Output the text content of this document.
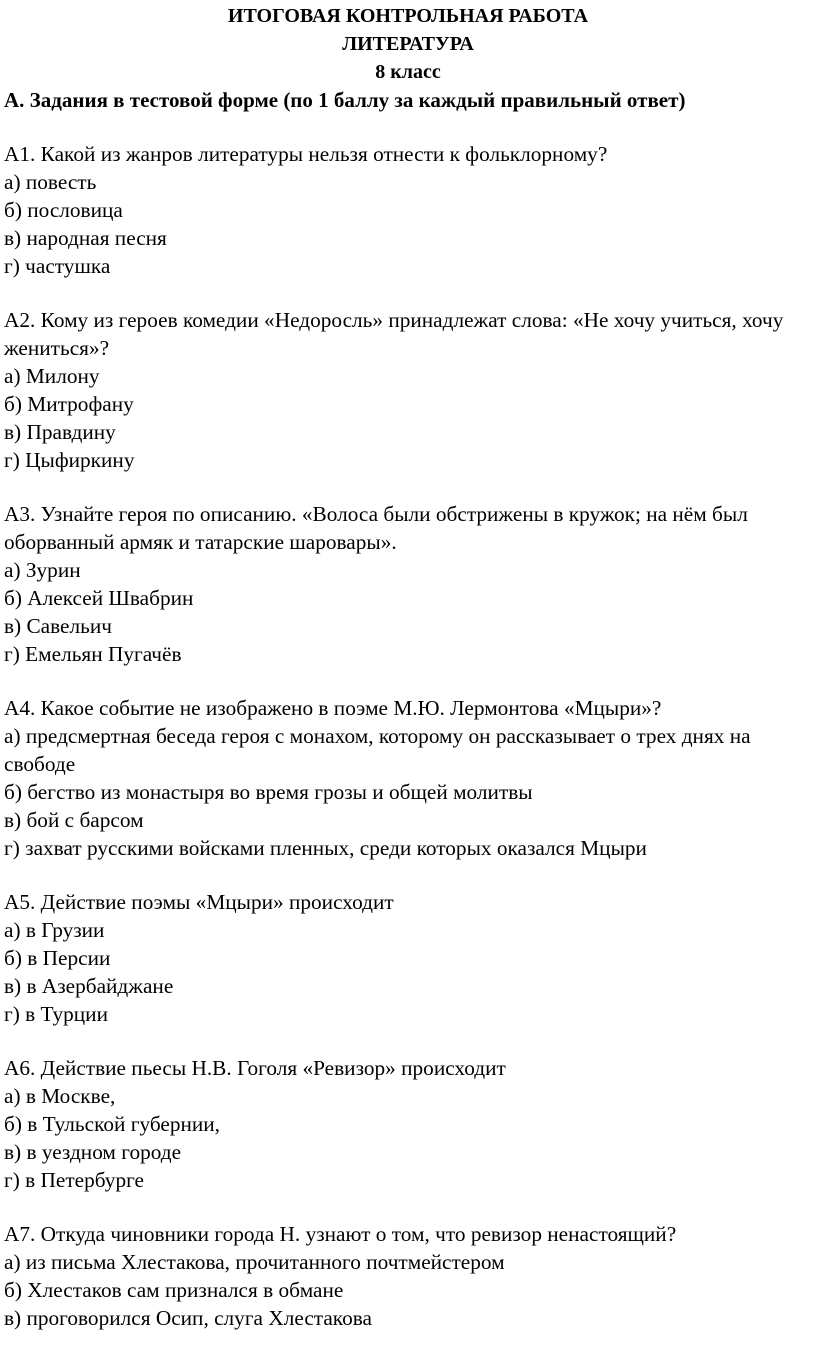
ИТОГОВАЯ КОНТРОЛЬНАЯ РАБОТА

ЛИТЕРАТУРА

8 класс

А. Задания в тестовой форме (по 1 баллу за каждый правильный ответ)

А1. Какой из жанров литературы нельзя отнести к фольклорному?

а) повесть

б) пословица

в) народная песня

г) частушка

А2. Кому из героев комедии «Недоросль» принадлежат слова: «Не хочу учиться, хочу жениться»?

а) Милону

б) Митрофану

в) Правдину

г) Цыфиркину

А3. Узнайте героя по описанию. «Волоса были обстрижены в кружок; на нём был оборванный армяк и татарские шаровары».

а) Зурин

б) Алексей Швабрин

в) Савельич

г) Емельян Пугачёв

А4. Какое событие не изображено в поэме М.Ю. Лермонтова «Мцыри»?

а) предсмертная беседа героя с монахом, которому он рассказывает о трех днях на свободе

б) бегство из монастыря во время грозы и общей молитвы

в) бой с барсом

г) захват русскими войсками пленных, среди которых оказался Мцыри

А5. Действие поэмы «Мцыри» происходит

а) в Грузии

б) в Персии

в) в Азербайджане

г) в Турции

А6. Действие пьесы Н.В. Гоголя «Ревизор» происходит

а) в Москве,

б) в Тульской губернии,

в) в уездном городе

г) в Петербурге

А7. Откуда чиновники города Н. узнают о том, что ревизор ненастоящий?

а) из письма Хлестакова, прочитанного почтмейстером

б) Хлестаков сам признался в обмане

в) проговорился Осип, слуга Хлестакова
